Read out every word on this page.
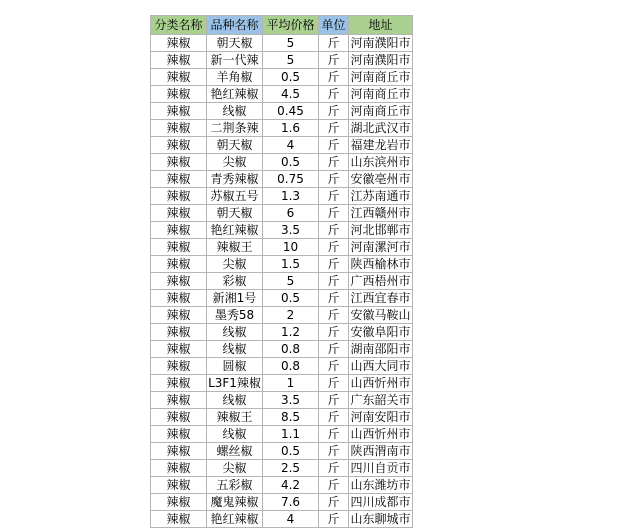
分类名称	品种名称	平均价格	单位	地址
辣椒	朝天椒	5	斤	河南濮阳市
辣椒	新一代辣	5	斤	河南濮阳市
辣椒	羊角椒	0.5	斤	河南商丘市
辣椒	艳红辣椒	4.5	斤	河南商丘市
辣椒	线椒	0.45	斤	河南商丘市
辣椒	二荆条辣	1.6	斤	湖北武汉市
辣椒	朝天椒	4	斤	福建龙岩市
辣椒	尖椒	0.5	斤	山东滨州市
辣椒	青秀辣椒	0.75	斤	安徽亳州市
辣椒	苏椒五号	1.3	斤	江苏南通市
辣椒	朝天椒	6	斤	江西赣州市
辣椒	艳红辣椒	3.5	斤	河北邯郸市
辣椒	辣椒王	10	斤	河南漯河市
辣椒	尖椒	1.5	斤	陕西榆林市
辣椒	彩椒	5	斤	广西梧州市
辣椒	新湘1号	0.5	斤	江西宜春市
辣椒	墨秀58	2	斤	安徽马鞍山
辣椒	线椒	1.2	斤	安徽阜阳市
辣椒	线椒	0.8	斤	湖南邵阳市
辣椒	圆椒	0.8	斤	山西大同市
辣椒	L3F1辣椒	1	斤	山西忻州市
辣椒	线椒	3.5	斤	广东韶关市
辣椒	辣椒王	8.5	斤	河南安阳市
辣椒	线椒	1.1	斤	山西忻州市
辣椒	螺丝椒	0.5	斤	陕西渭南市
辣椒	尖椒	2.5	斤	四川自贡市
辣椒	五彩椒	4.2	斤	山东潍坊市
辣椒	魔鬼辣椒	7.6	斤	四川成都市
辣椒	艳红辣椒	4	斤	山东聊城市
